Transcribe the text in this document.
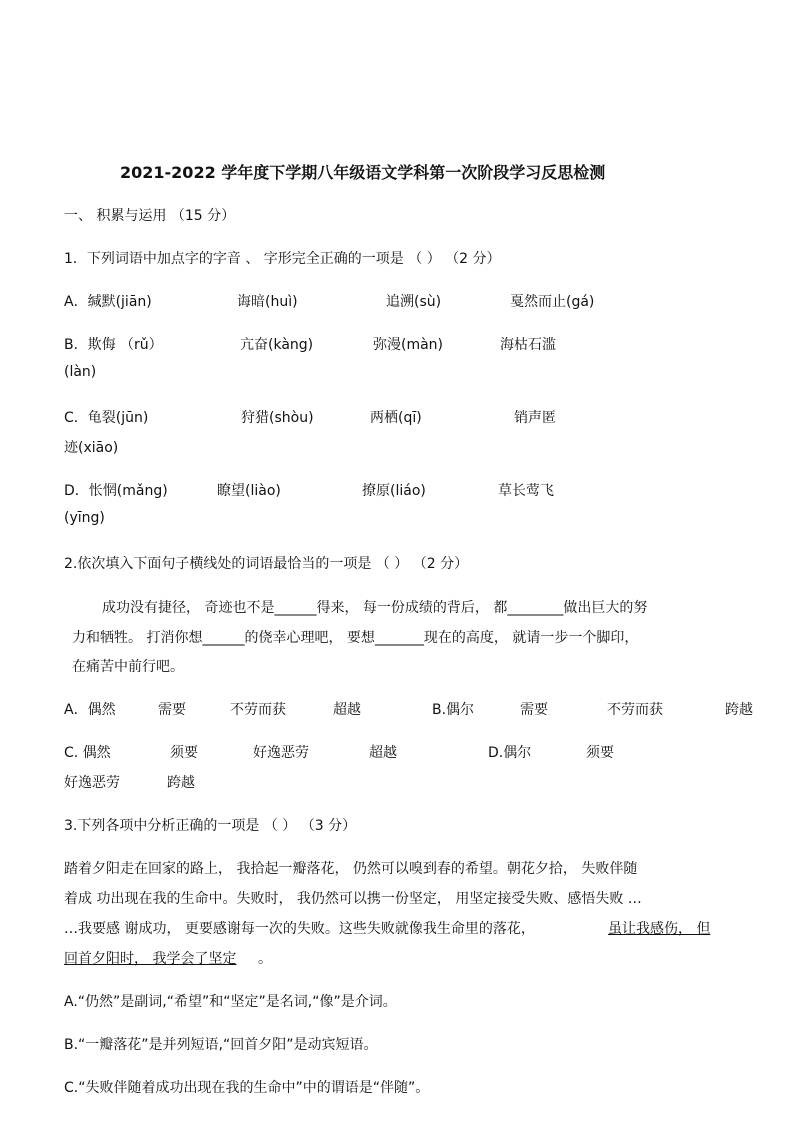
2021-2022 学年度下学期八年级语文学科第一次阶段学习反思检测
一、 积累与运用 （15 分）
1．下列词语中加点字的字音 、 字形完全正确的一项是 （ ） （2 分）
A．缄默(jiān)	诲暗(huì)	追溯(sù)	戛然而止(gá)
B．欺侮 （rǔ）	亢奋(kàng)	弥漫(màn)	海枯石滥
(làn)
C．龟裂(jūn)	狩猎(shòu)	两栖(qī)	销声匿
迹(xiāo)
D．怅惘(mǎng)	瞭望(liào)	撩原(liáo)	草长莺飞
(yīng)
2.依次填入下面句子横线处的词语最恰当的一项是 （ ） （2 分）
成功没有捷径， 奇迹也不是______得来， 每一份成绩的背后， 都________做出巨大的努
力和牺牲。 打消你想______的侥幸心理吧， 要想_______现在的高度， 就请一步一个脚印，
在痛苦中前行吧。
A．偶然	需要	不劳而获	超越	B.偶尔	需要	不劳而获	跨越
C. 偶然	须要	好逸恶劳	超越	D.偶尔	须要
好逸恶劳	跨越
3.下列各项中分析正确的一项是 （ ） （3 分）
踏着夕阳走在回家的路上， 我拾起一瓣落花， 仍然可以嗅到春的希望。朝花夕拾， 失败伴随
着成 功出现在我的生命中。失败时， 我仍然可以携一份坚定， 用坚定接受失败、感悟失败 …
…我要感 谢成功， 更要感谢每一次的失败。这些失败就像我生命里的落花，	虽让我感伤， 但
回首夕阳时， 我学会了坚定 。
A.“仍然”是副词,“希望”和“坚定”是名词,“像”是介词。
B.“一瓣落花”是并列短语,“回首夕阳”是动宾短语。
C.“失败伴随着成功出现在我的生命中”中的谓语是“伴随”。
